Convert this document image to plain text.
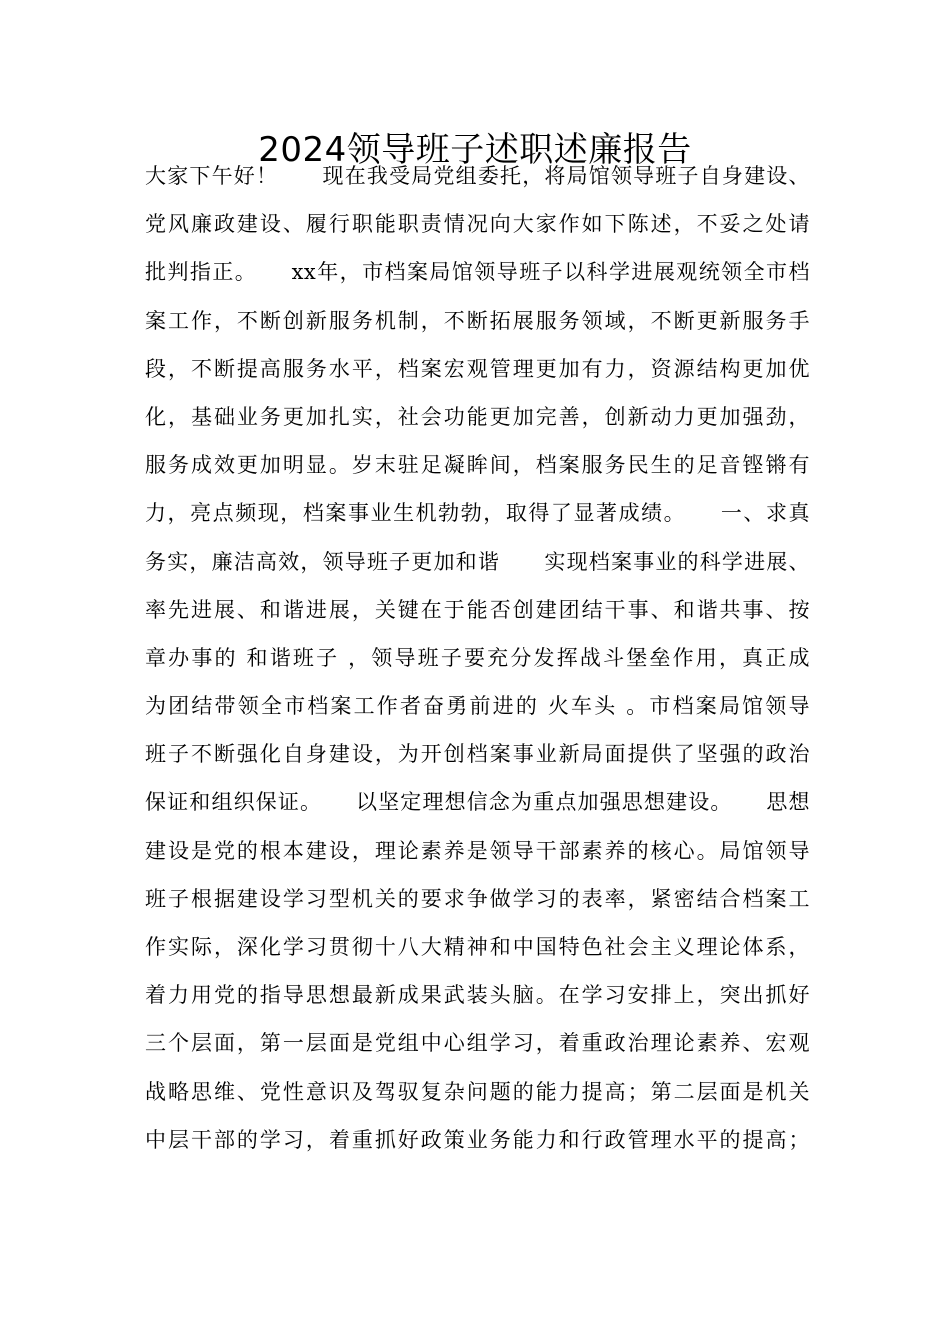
2024领导班子述职述廉报告
大家下午好！　　现在我受局党组委托，将局馆领导班子自身建设、
党风廉政建设、履行职能职责情况向大家作如下陈述，不妥之处请
批判指正。　　xx年，市档案局馆领导班子以科学进展观统领全市档
案工作，不断创新服务机制，不断拓展服务领域，不断更新服务手
段，不断提高服务水平，档案宏观管理更加有力，资源结构更加优
化，基础业务更加扎实，社会功能更加完善，创新动力更加强劲，
服务成效更加明显。岁末驻足凝眸间，档案服务民生的足音铿锵有
力，亮点频现，档案事业生机勃勃，取得了显著成绩。　　一、求真
务实，廉洁高效，领导班子更加和谐　　实现档案事业的科学进展、
率先进展、和谐进展，关键在于能否创建团结干事、和谐共事、按
章办事的 和谐班子 ，领导班子要充分发挥战斗堡垒作用，真正成
为团结带领全市档案工作者奋勇前进的 火车头 。市档案局馆领导
班子不断强化自身建设，为开创档案事业新局面提供了坚强的政治
保证和组织保证。　　以坚定理想信念为重点加强思想建设。　　思想
建设是党的根本建设，理论素养是领导干部素养的核心。局馆领导
班子根据建设学习型机关的要求争做学习的表率，紧密结合档案工
作实际，深化学习贯彻十八大精神和中国特色社会主义理论体系，
着力用党的指导思想最新成果武装头脑。在学习安排上，突出抓好
三个层面，第一层面是党组中心组学习，着重政治理论素养、宏观
战略思维、党性意识及驾驭复杂问题的能力提高；第二层面是机关
中层干部的学习，着重抓好政策业务能力和行政管理水平的提高；
